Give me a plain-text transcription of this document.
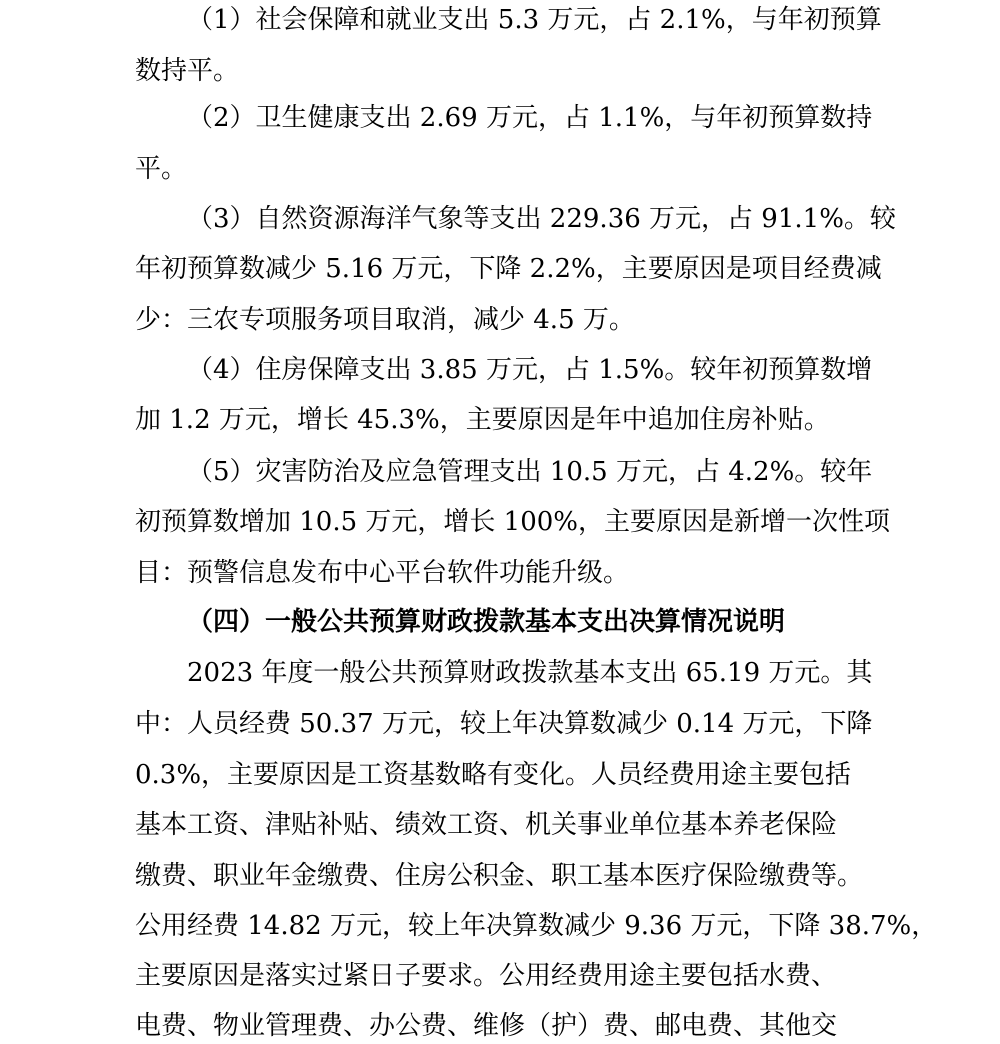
（1）社会保障和就业支出 5.3 万元，占 2.1%，与年初预算
数持平。
（2）卫生健康支出 2.69 万元，占 1.1%，与年初预算数持
平。
（3）自然资源海洋气象等支出 229.36 万元，占 91.1%。较
年初预算数减少 5.16 万元，下降 2.2%，主要原因是项目经费减
少：三农专项服务项目取消，减少 4.5 万。
（4）住房保障支出 3.85 万元，占 1.5%。较年初预算数增
加 1.2 万元，增长 45.3%，主要原因是年中追加住房补贴。
（5）灾害防治及应急管理支出 10.5 万元，占 4.2%。较年
初预算数增加 10.5 万元，增长 100%，主要原因是新增一次性项
目：预警信息发布中心平台软件功能升级。
（四）一般公共预算财政拨款基本支出决算情况说明
2023 年度一般公共预算财政拨款基本支出 65.19 万元。其
中：人员经费 50.37 万元，较上年决算数减少 0.14 万元，下降
0.3%，主要原因是工资基数略有变化。人员经费用途主要包括
基本工资、津贴补贴、绩效工资、机关事业单位基本养老保险
缴费、职业年金缴费、住房公积金、职工基本医疗保险缴费等。
公用经费 14.82 万元，较上年决算数减少 9.36 万元，下降 38.7%，
主要原因是落实过紧日子要求。公用经费用途主要包括水费、
电费、物业管理费、办公费、维修（护）费、邮电费、其他交
